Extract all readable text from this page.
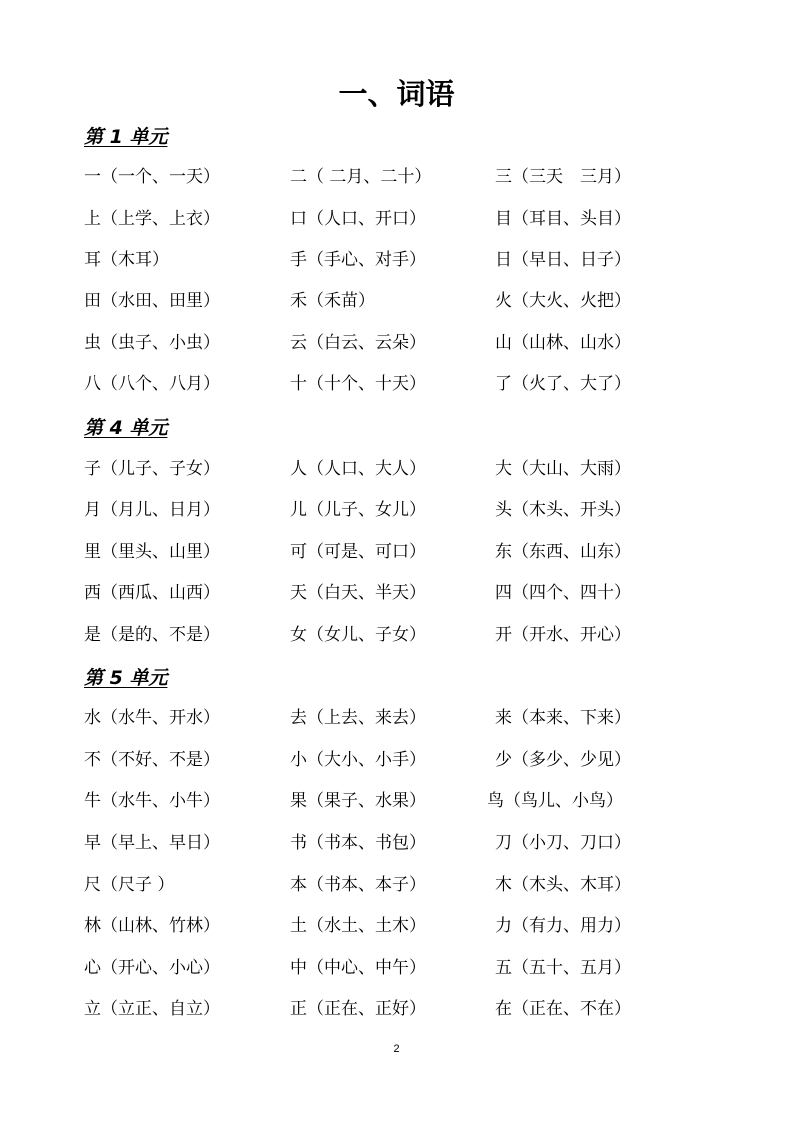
一、词语
第 1 单元
一（一个、一天）	二（ 二月、二十）	三（三天　三月）
上（上学、上衣）	口（人口、开口）	目（耳目、头目）
耳（木耳）	手（手心、对手）	日（早日、日子）
田（水田、田里）	禾（禾苗）	火（大火、火把）
虫（虫子、小虫）	云（白云、云朵）	山（山林、山水）
八（八个、八月）	十（十个、十天）	了（火了、大了）
第 4 单元
子（儿子、子女）	人（人口、大人）	大（大山、大雨）
月（月儿、日月）	儿（儿子、女儿）	头（木头、开头）
里（里头、山里）	可（可是、可口）	东（东西、山东）
西（西瓜、山西）	天（白天、半天）	四（四个、四十）
是（是的、不是）	女（女儿、子女）	开（开水、开心）
第 5 单元
水（水牛、开水）	去（上去、来去）	来（本来、下来）
不（不好、不是）	小（大小、小手）	少（多少、少见）
牛（水牛、小牛）	果（果子、水果）	鸟（鸟儿、小鸟）
早（早上、早日）	书（书本、书包）	刀（小刀、刀口）
尺（尺子 ）	本（书本、本子）	木（木头、木耳）
林（山林、竹林）	土（水土、土木）	力（有力、用力）
心（开心、小心）	中（中心、中午）	五（五十、五月）
立（立正、自立）	正（正在、正好）	在（正在、不在）
2
